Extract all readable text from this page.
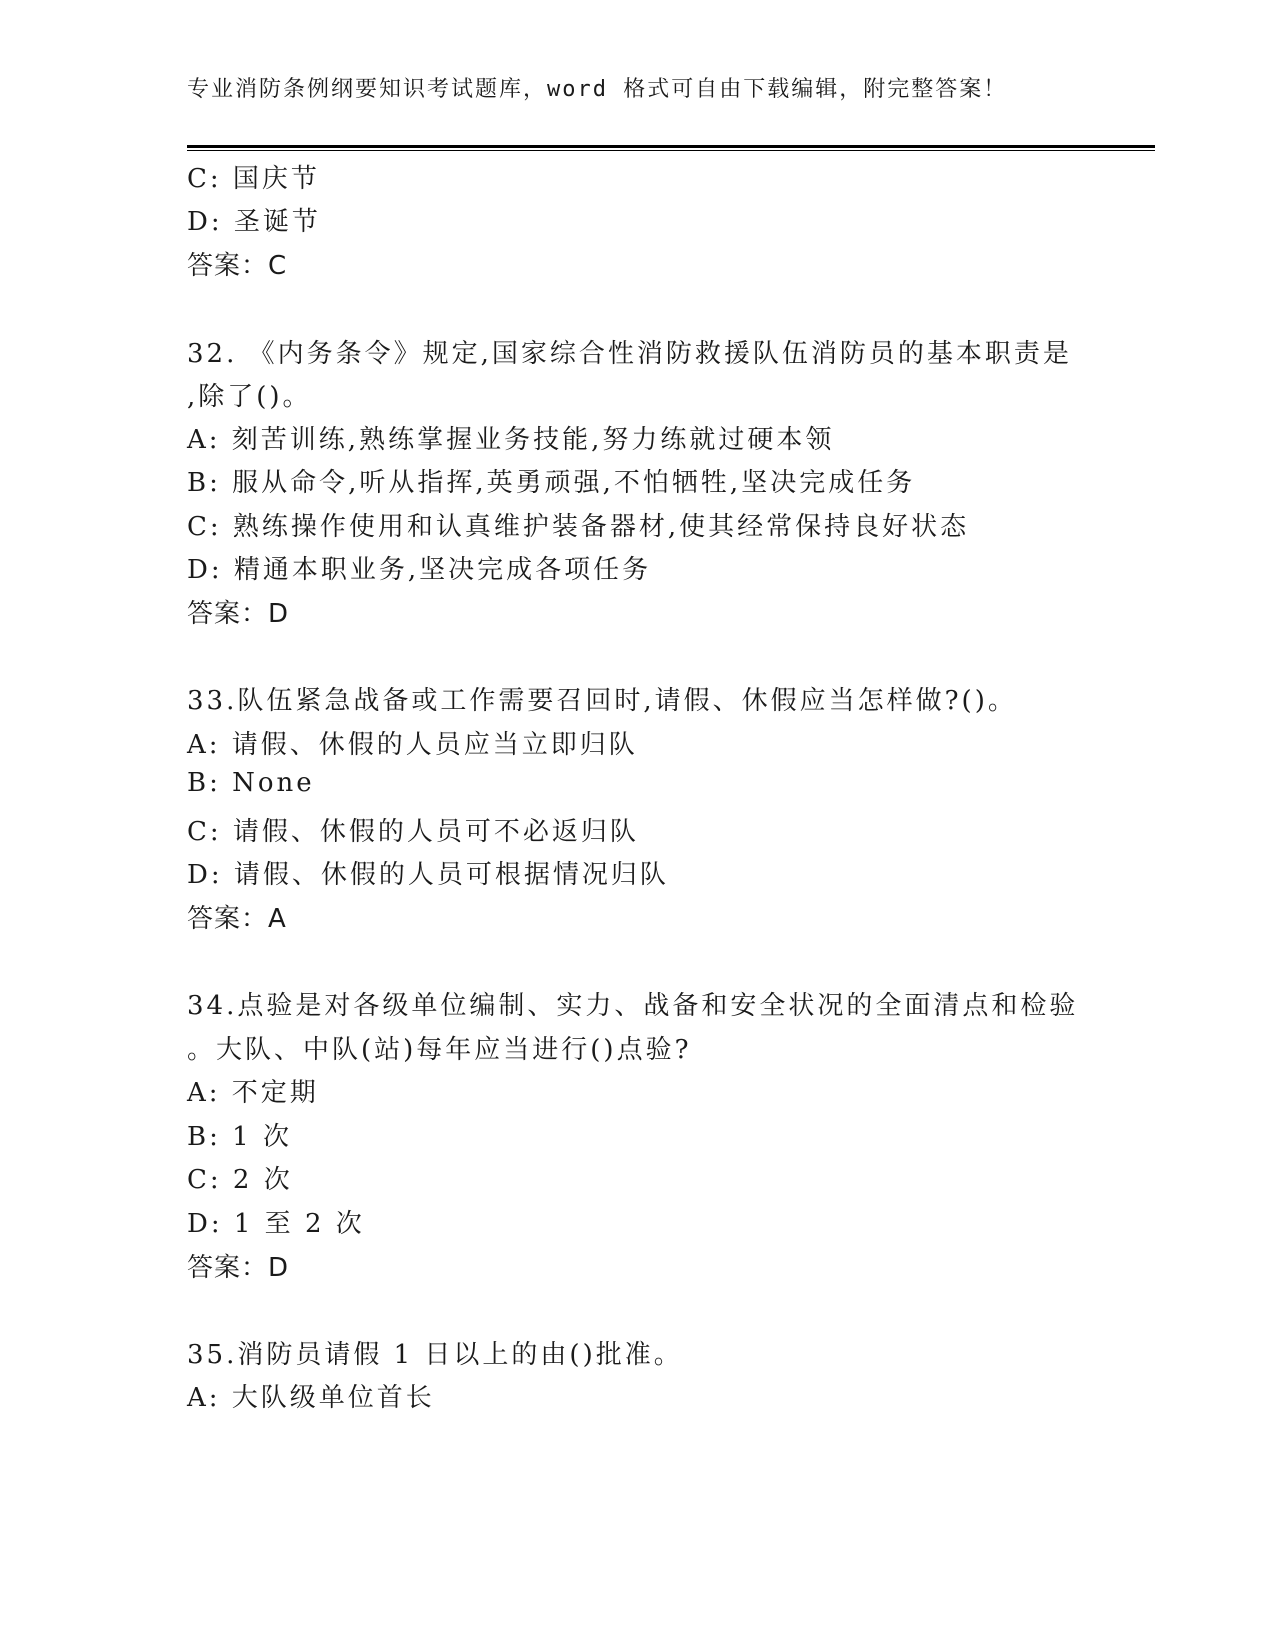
专业消防条例纲要知识考试题库，word 格式可自由下载编辑，附完整答案！
C: 国庆节
D: 圣诞节
答案：C
32. 《内务条令》规定,国家综合性消防救援队伍消防员的基本职责是
,除了()。
A: 刻苦训练,熟练掌握业务技能,努力练就过硬本领
B: 服从命令,听从指挥,英勇顽强,不怕牺牲,坚决完成任务
C: 熟练操作使用和认真维护装备器材,使其经常保持良好状态
D: 精通本职业务,坚决完成各项任务
答案：D
33.队伍紧急战备或工作需要召回时,请假、休假应当怎样做?()。
A: 请假、休假的人员应当立即归队
B: None
C: 请假、休假的人员可不必返归队
D: 请假、休假的人员可根据情况归队
答案：A
34.点验是对各级单位编制、实力、战备和安全状况的全面清点和检验
。大队、中队(站)每年应当进行()点验?
A: 不定期
B: 1 次
C: 2 次
D: 1 至 2 次
答案：D
35.消防员请假 1 日以上的由()批准。
A: 大队级单位首长
